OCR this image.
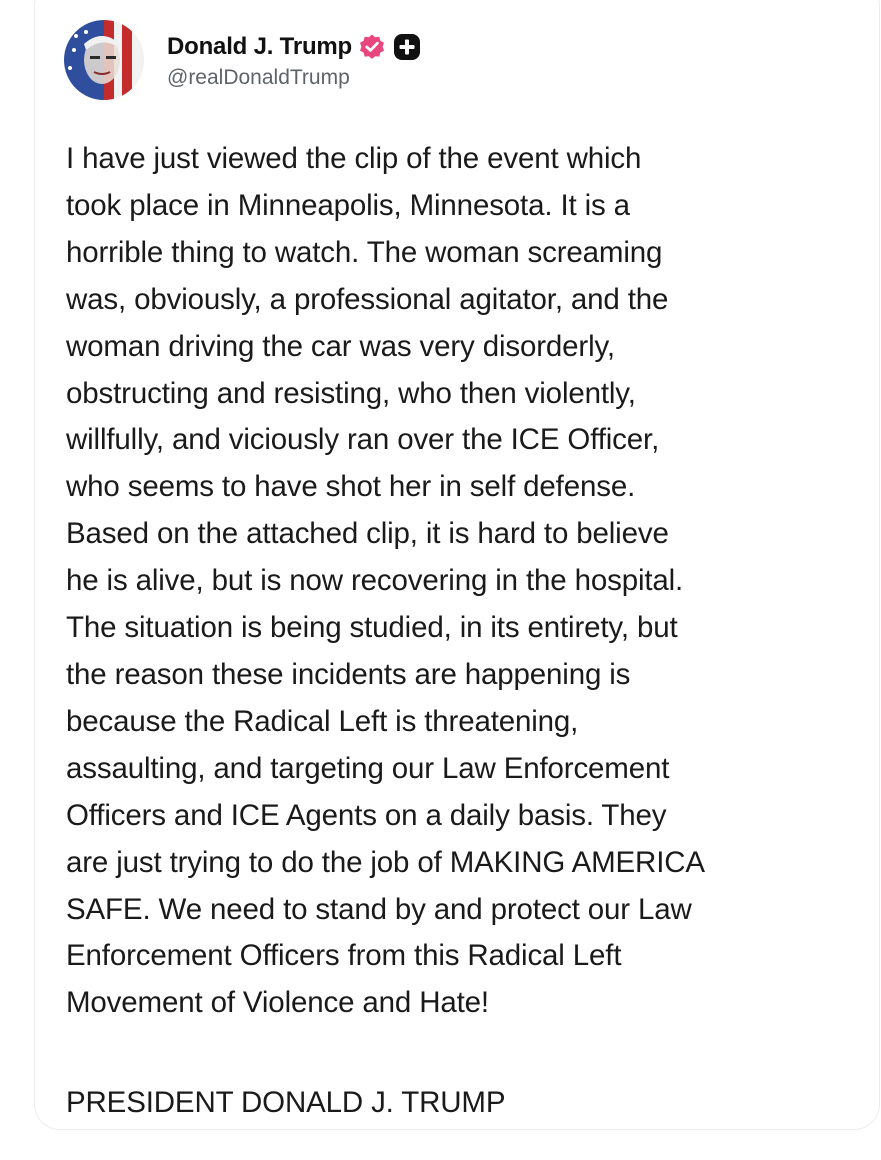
Donald J. Trump
@realDonaldTrump
I have just viewed the clip of the event which
took place in Minneapolis, Minnesota. It is a
horrible thing to watch. The woman screaming
was, obviously, a professional agitator, and the
woman driving the car was very disorderly,
obstructing and resisting, who then violently,
willfully, and viciously ran over the ICE Officer,
who seems to have shot her in self defense.
Based on the attached clip, it is hard to believe
he is alive, but is now recovering in the hospital.
The situation is being studied, in its entirety, but
the reason these incidents are happening is
because the Radical Left is threatening,
assaulting, and targeting our Law Enforcement
Officers and ICE Agents on a daily basis. They
are just trying to do the job of MAKING AMERICA
SAFE. We need to stand by and protect our Law
Enforcement Officers from this Radical Left
Movement of Violence and Hate!
PRESIDENT DONALD J. TRUMP
